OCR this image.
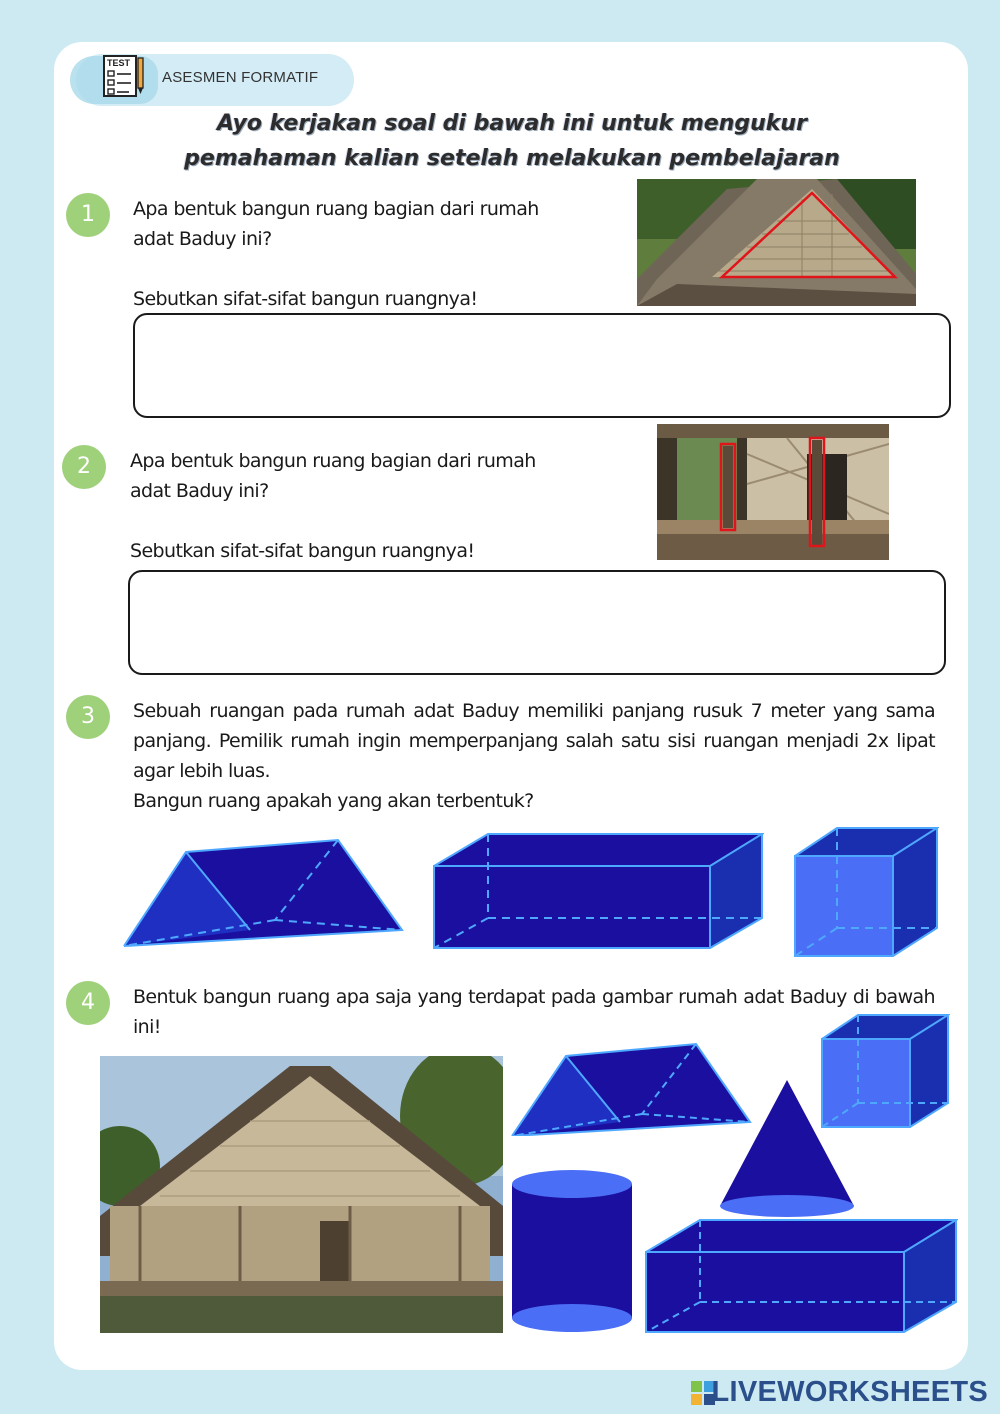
TEST
ASESMEN FORMATIF
Ayo kerjakan soal di bawah ini untuk mengukur
pemahaman kalian setelah melakukan pembelajaran
1	Apa bentuk bangun ruang bagian dari rumah
adat Baduy ini?
Sebutkan sifat-sifat bangun ruangnya!
2	Apa bentuk bangun ruang bagian dari rumah
adat Baduy ini?
Sebutkan sifat-sifat bangun ruangnya!
3	Sebuah ruangan pada rumah adat Baduy memiliki panjang rusuk 7 meter yang sama panjang. Pemilik rumah ingin memperpanjang salah satu sisi ruangan menjadi 2x lipat agar lebih luas.
Bangun ruang apakah yang akan terbentuk?
4	Bentuk bangun ruang apa saja yang terdapat pada gambar rumah adat Baduy di bawah ini!
LIVEWORKSHEETS
